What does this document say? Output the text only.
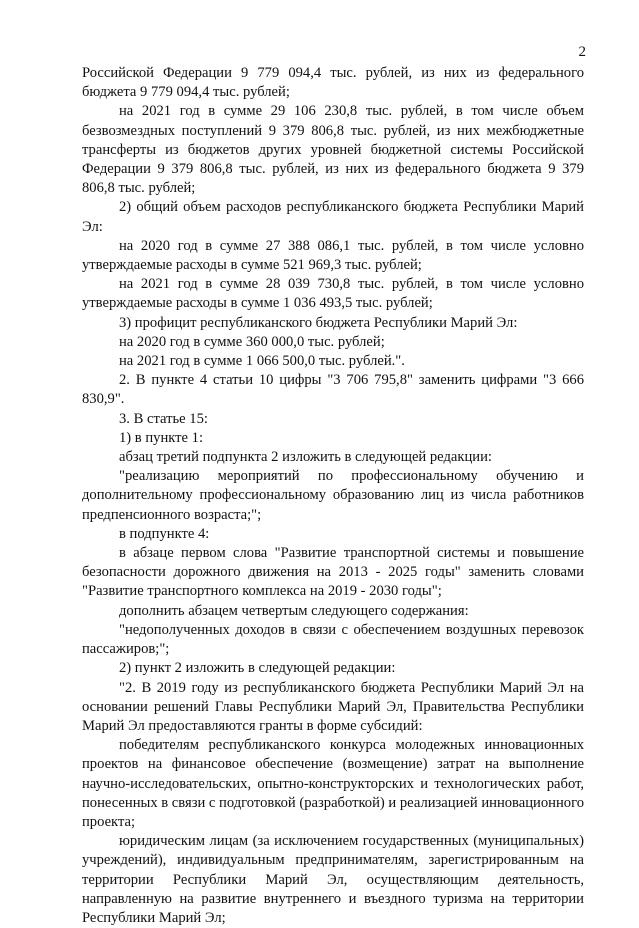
2

Российской Федерации 9 779 094,4 тыс. рублей, из них из федерального бюджета 9 779 094,4 тыс. рублей;

на 2021 год в сумме 29 106 230,8 тыс. рублей, в том числе объем безвозмездных поступлений 9 379 806,8 тыс. рублей, из них межбюджетные трансферты из бюджетов других уровней бюджетной системы Российской Федерации 9 379 806,8 тыс. рублей, из них из федерального бюджета 9 379 806,8 тыс. рублей;

2) общий объем расходов республиканского бюджета Республики Марий Эл:

на 2020 год в сумме 27 388 086,1 тыс. рублей, в том числе условно утверждаемые расходы в сумме 521 969,3 тыс. рублей;

на 2021 год в сумме 28 039 730,8 тыс. рублей, в том числе условно утверждаемые расходы в сумме 1 036 493,5 тыс. рублей;

3) профицит республиканского бюджета Республики Марий Эл:

на 2020 год в сумме 360 000,0 тыс. рублей;

на 2021 год в сумме 1 066 500,0 тыс. рублей.".

2. В пункте 4 статьи 10 цифры "3 706 795,8" заменить цифрами "3 666 830,9".

3. В статье 15:

1) в пункте 1:

абзац третий подпункта 2 изложить в следующей редакции:

"реализацию мероприятий по профессиональному обучению и дополнительному профессиональному образованию лиц из числа работников предпенсионного возраста;";

в подпункте 4:

в абзаце первом слова "Развитие транспортной системы и повышение безопасности дорожного движения на 2013 - 2025 годы" заменить словами "Развитие транспортного комплекса на 2019 - 2030 годы";

дополнить абзацем четвертым следующего содержания:

"недополученных доходов в связи с обеспечением воздушных перевозок пассажиров;";

2) пункт 2 изложить в следующей редакции:

"2. В 2019 году из республиканского бюджета Республики Марий Эл на основании решений Главы Республики Марий Эл, Правительства Республики Марий Эл предоставляются гранты в форме субсидий:

победителям республиканского конкурса молодежных инновационных проектов на финансовое обеспечение (возмещение) затрат на выполнение научно-исследовательских, опытно-конструкторских и технологических работ, понесенных в связи с подготовкой (разработкой) и реализацией инновационного проекта;

юридическим лицам (за исключением государственных (муниципальных) учреждений), индивидуальным предпринимателям, зарегистрированным на территории Республики Марий Эл, осуществляющим деятельность, направленную на развитие внутреннего и въездного туризма на территории Республики Марий Эл;
